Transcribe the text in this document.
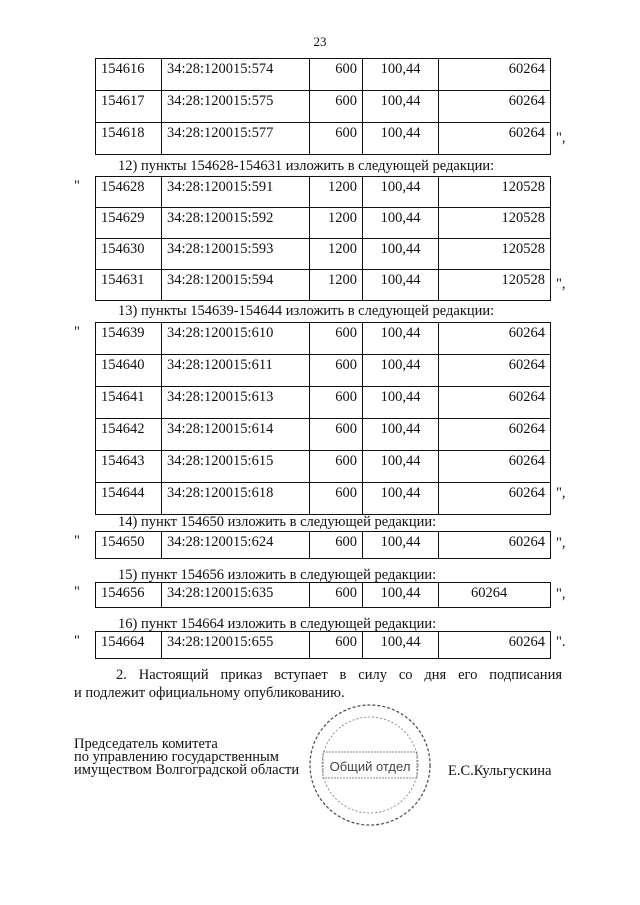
23
154616	34:28:120015:574	600	100,44	60264
154617	34:28:120015:575	600	100,44	60264
154618	34:28:120015:577	600	100,44	60264 ",
12) пункты 154628-154631 изложить в следующей редакции:
" 154628	34:28:120015:591	1200	100,44	120528
154629	34:28:120015:592	1200	100,44	120528
154630	34:28:120015:593	1200	100,44	120528
154631	34:28:120015:594	1200	100,44	120528 ",
13) пункты 154639-154644 изложить в следующей редакции:
" 154639	34:28:120015:610	600	100,44	60264
154640	34:28:120015:611	600	100,44	60264
154641	34:28:120015:613	600	100,44	60264
154642	34:28:120015:614	600	100,44	60264
154643	34:28:120015:615	600	100,44	60264
154644	34:28:120015:618	600	100,44	60264 ",
14) пункт 154650 изложить в следующей редакции:
" 154650	34:28:120015:624	600	100,44	60264 ",
15) пункт 154656 изложить в следующей редакции:
" 154656	34:28:120015:635	600	100,44	60264	",
16) пункт 154664 изложить в следующей редакции:
" 154664	34:28:120015:655	600	100,44	60264 ".
2. Настоящий приказ вступает в силу со дня его подписания
и подлежит официальному опубликованию.
Председатель комитета
по управлению государственным
имуществом Волгоградской области Общий отдел	Е.С.Кульгускина
